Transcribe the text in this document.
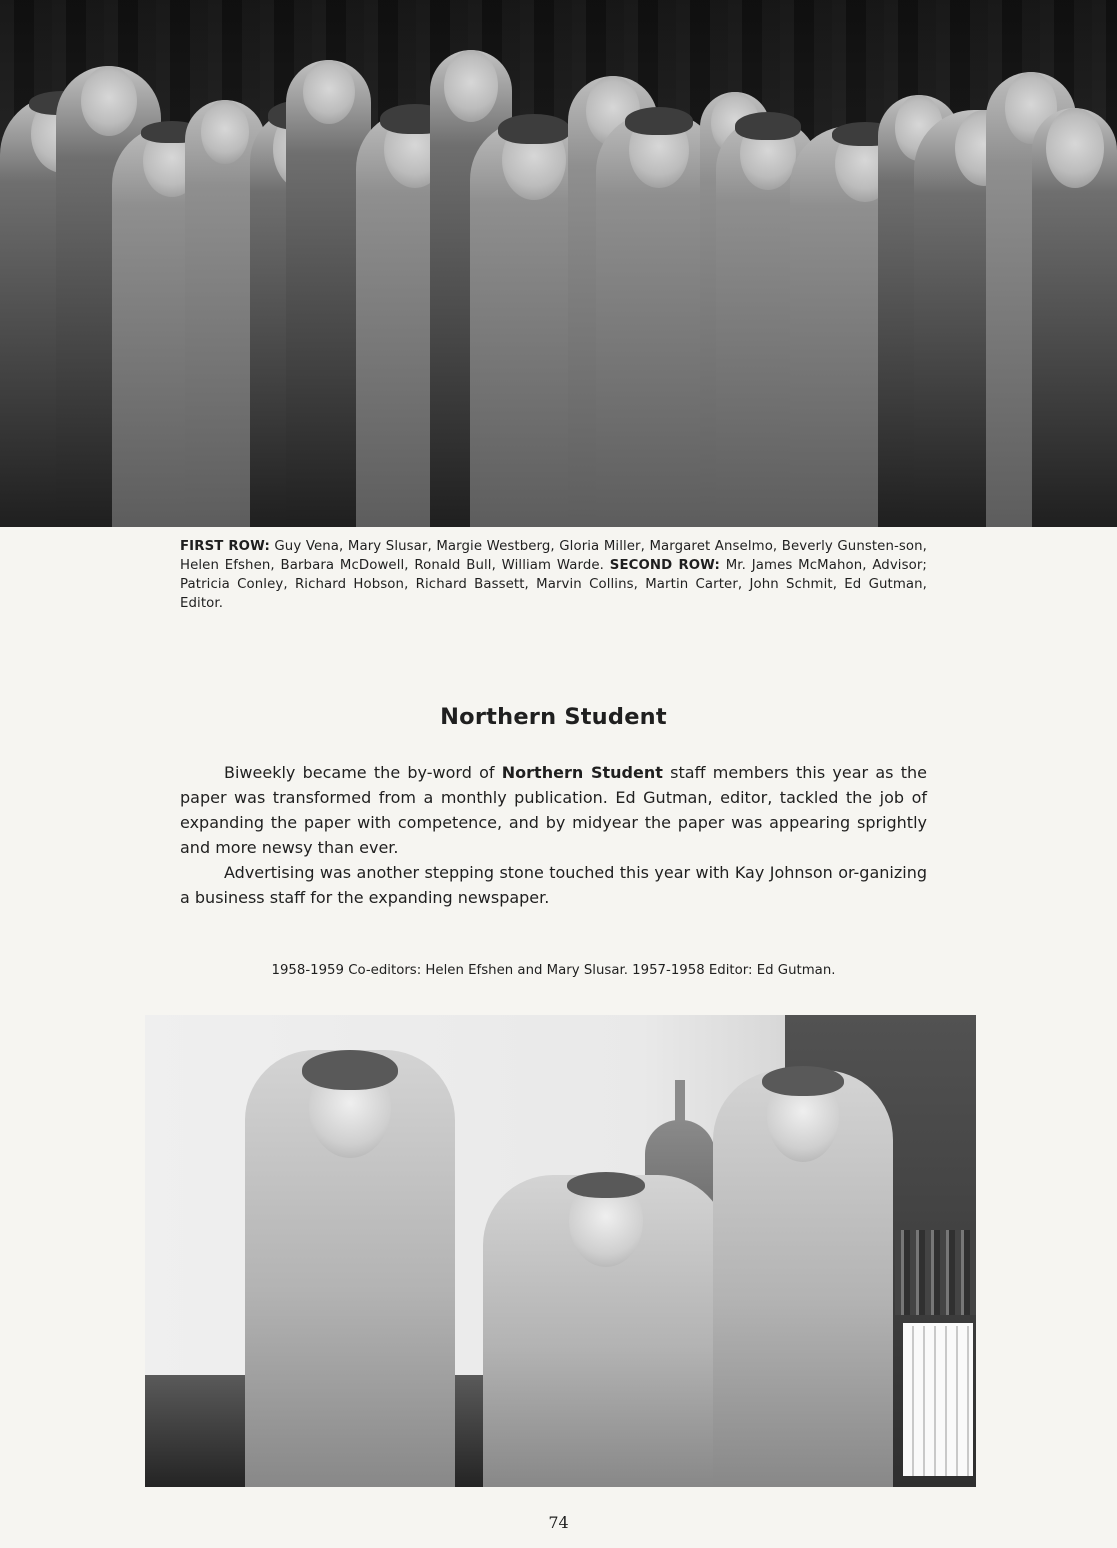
FIRST ROW: Guy Vena, Mary Slusar, Margie Westberg, Gloria Miller, Margaret Anselmo, Beverly Gunsten-son, Helen Efshen, Barbara McDowell, Ronald Bull, William Warde. SECOND ROW: Mr. James McMahon, Advisor; Patricia Conley, Richard Hobson, Richard Bassett, Marvin Collins, Martin Carter, John Schmit, Ed Gutman, Editor.
Northern Student

Biweekly became the by-word of Northern Student staff members this year as the paper was transformed from a monthly publication. Ed Gutman, editor, tackled the job of expanding the paper with competence, and by midyear the paper was appearing sprightly and more newsy than ever.

Advertising was another stepping stone touched this year with Kay Johnson or-ganizing a business staff for the expanding newspaper.

1958-1959 Co-editors: Helen Efshen and Mary Slusar. 1957-1958 Editor: Ed Gutman.
74
